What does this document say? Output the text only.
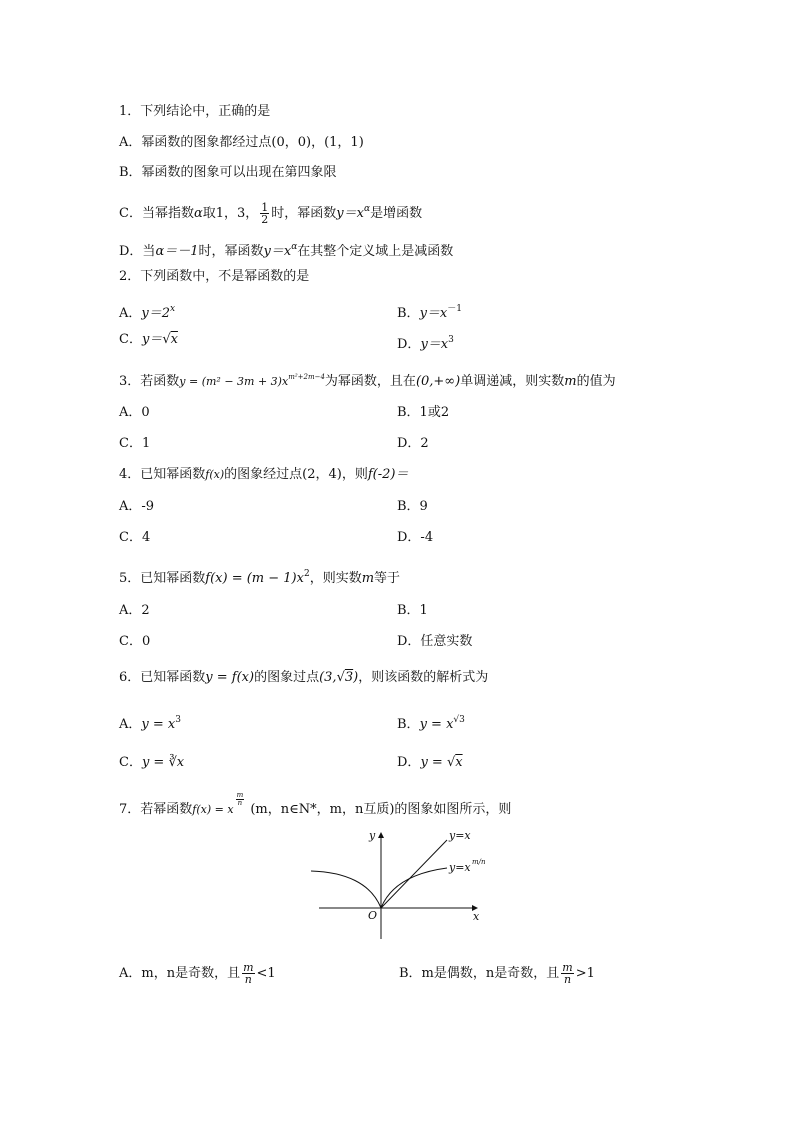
1．下列结论中，正确的是
A．幂函数的图象都经过点(0，0)，(1，1)
B．幂函数的图象可以出现在第四象限
C．当幂指数α取1，3， $\frac{1}{2}$ 时，幂函数$y=x^\alpha$是增函数
D．当α＝－1时，幂函数$y=x^\alpha$在其整个定义域上是减函数
2．下列函数中，不是幂函数的是
A．$y=2^x$	B．$y=x^{-1}$
C．y＝√x	D．$y=x^3$
3．若函数$y = (m^2 - 3m + 3)x^{m^2+2m-4}$为幂函数，且在(0,+∞)单调递减，则实数m的值为
A．0	B．1或2
C．1	D．2
4．已知幂函数f(x)的图象经过点(2，4)，则f(-2)＝
A．-9	B．9
C．4	D．-4
5．已知幂函数$f(x) = (m - 1)x^2$，则实数m等于
A．2	B．1
C．0	D．任意实数
6．已知幂函数y = f(x)的图象过点(3,√3)，则该函数的解析式为
A．$y = x^3$	B．$y = x^{√3}$
C．y = ∛x	D．y = √x
7．若幂函数f(x) = x
$\frac{m}{n}$
(m，n∈N*，m，n互质)的图象如图所示，则
y
x
O
y=x
y=x m/n
A．m，n是奇数，且 $\frac{m}{n} <1$	B．m是偶数，n是奇数，且 $\frac{m}{n} >1$
